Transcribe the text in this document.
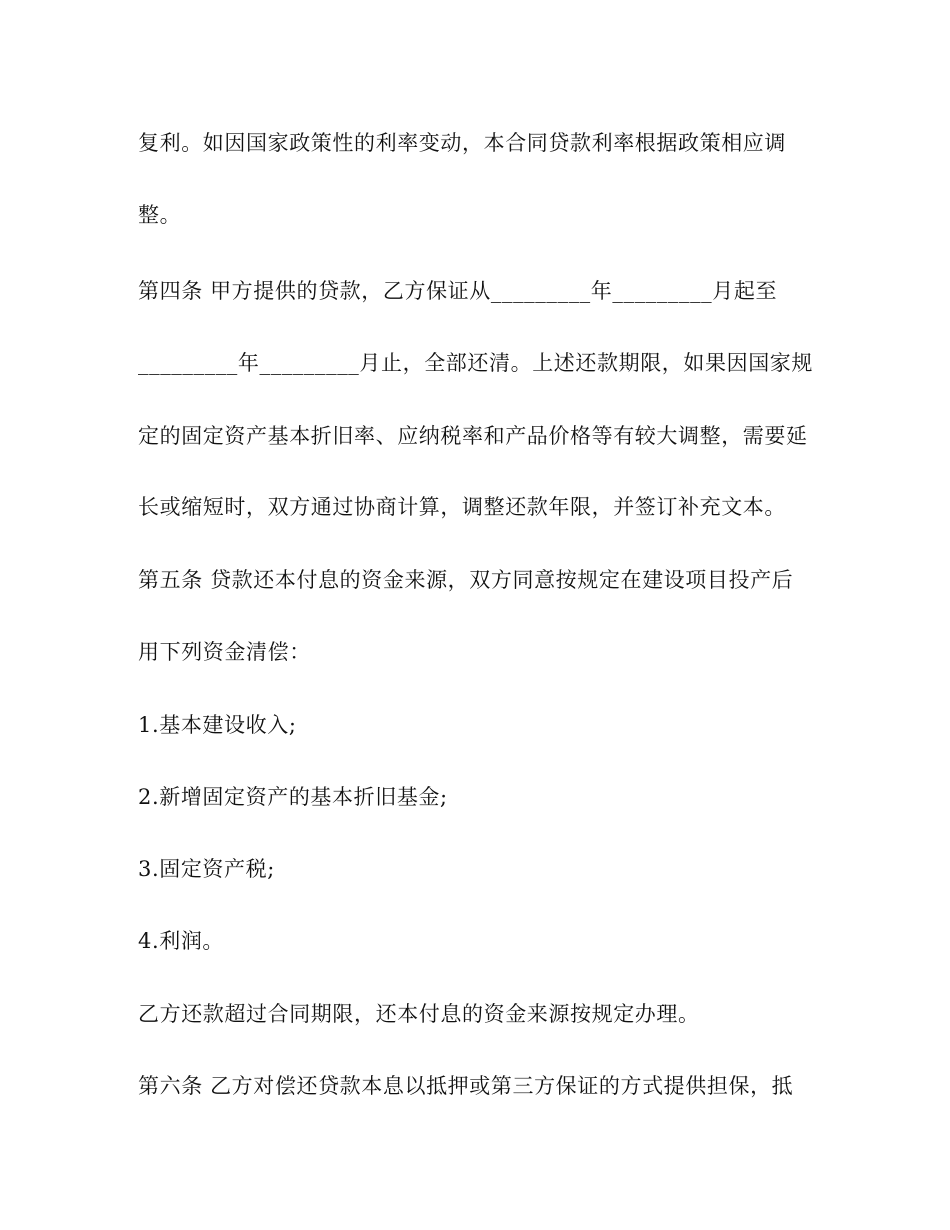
复利。如因国家政策性的利率变动，本合同贷款利率根据政策相应调
整。
第四条 甲方提供的贷款，乙方保证从_________年_________月起至
_________年_________月止，全部还清。上述还款期限，如果因国家规
定的固定资产基本折旧率、应纳税率和产品价格等有较大调整，需要延
长或缩短时，双方通过协商计算，调整还款年限，并签订补充文本。
第五条 贷款还本付息的资金来源，双方同意按规定在建设项目投产后
用下列资金清偿：
1.基本建设收入;
2.新增固定资产的基本折旧基金;
3.固定资产税;
4.利润。
乙方还款超过合同期限，还本付息的资金来源按规定办理。
第六条 乙方对偿还贷款本息以抵押或第三方保证的方式提供担保，抵
